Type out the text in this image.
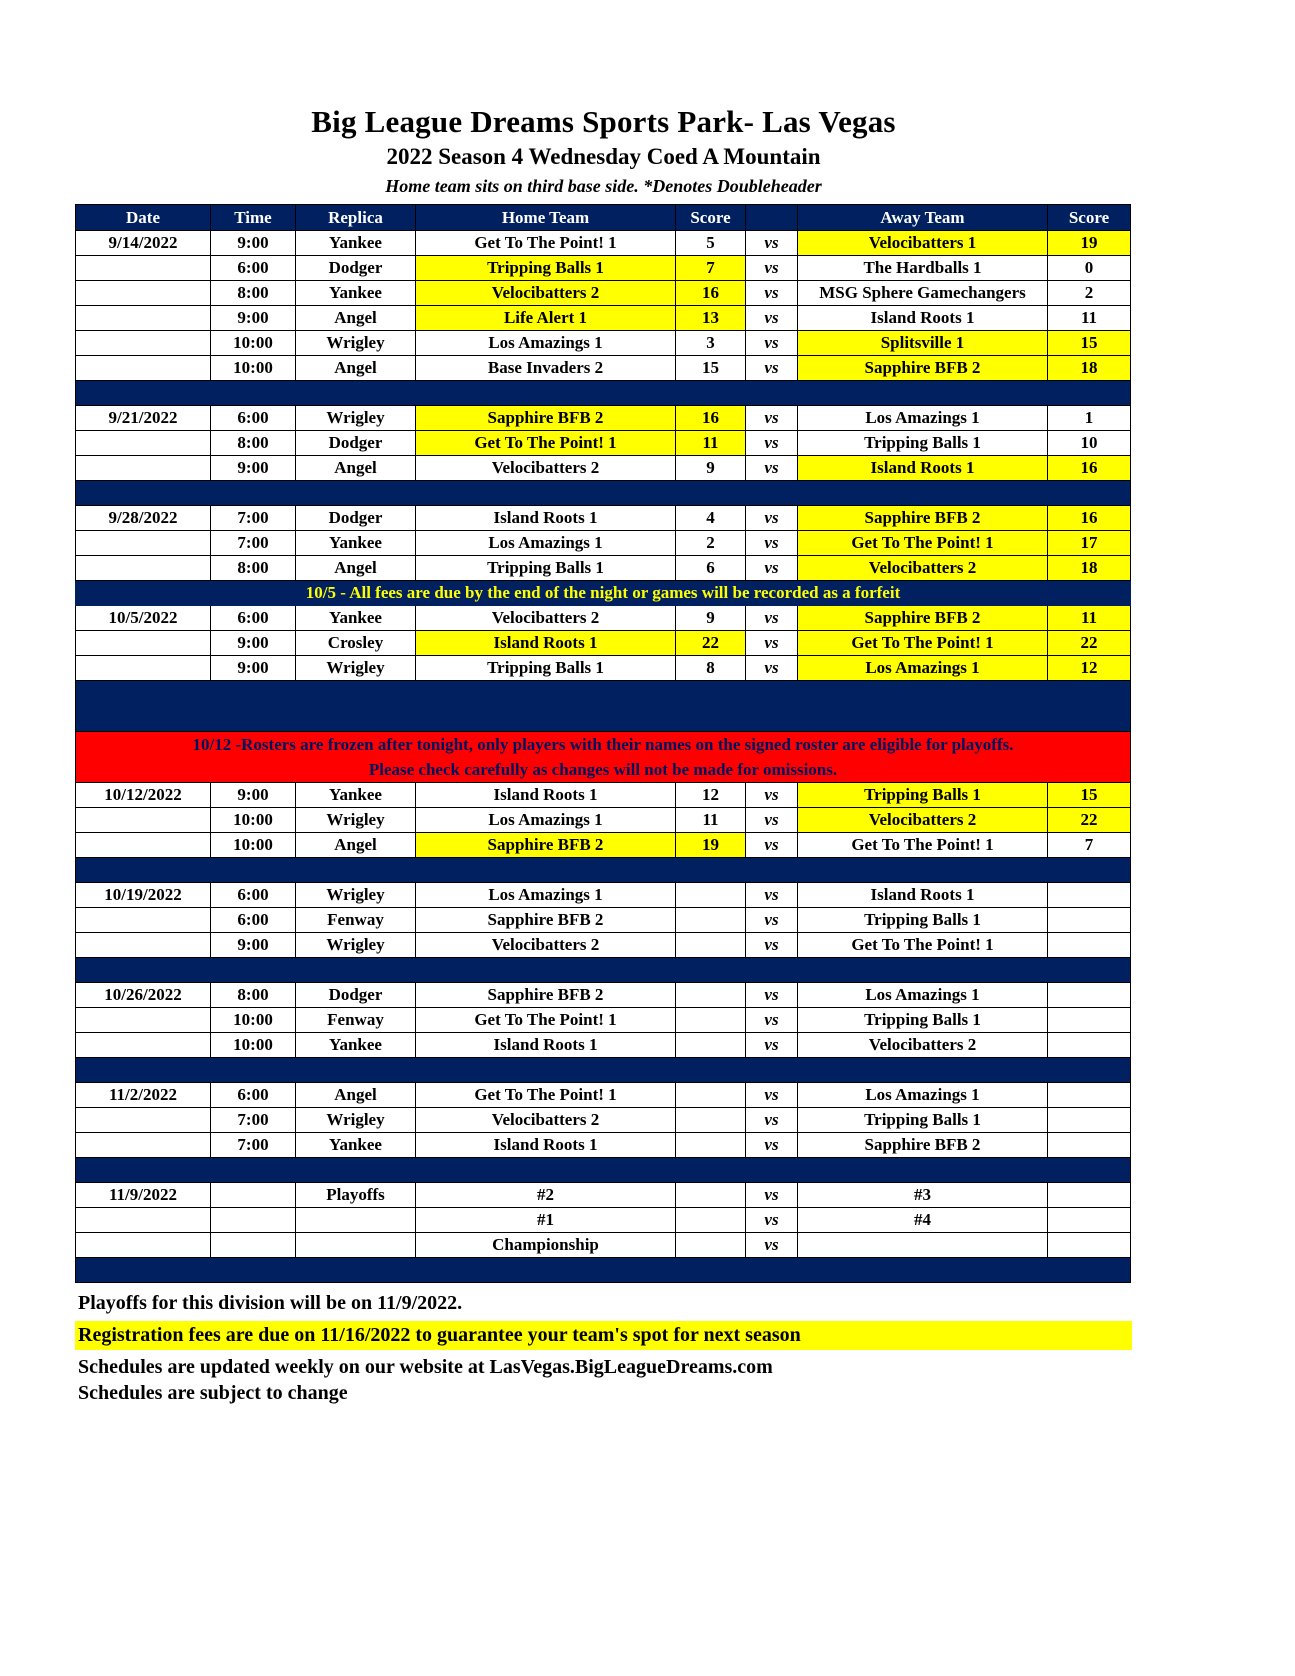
Big League Dreams Sports Park- Las Vegas
2022 Season 4 Wednesday Coed A Mountain
Home team sits on third base side. *Denotes Doubleheader
Date	Time	Replica	Home Team	Score		Away Team	Score
9/14/2022	9:00	Yankee	Get To The Point! 1	5	vs	Velocibatters 1	19
	6:00	Dodger	Tripping Balls 1	7	vs	The Hardballs 1	0
	8:00	Yankee	Velocibatters 2	16	vs	MSG Sphere Gamechangers	2
	9:00	Angel	Life Alert 1	13	vs	Island Roots 1	11
	10:00	Wrigley	Los Amazings 1	3	vs	Splitsville 1	15
	10:00	Angel	Base Invaders 2	15	vs	Sapphire BFB 2	18

9/21/2022	6:00	Wrigley	Sapphire BFB 2	16	vs	Los Amazings 1	1
	8:00	Dodger	Get To The Point! 1	11	vs	Tripping Balls 1	10
	9:00	Angel	Velocibatters 2	9	vs	Island Roots 1	16

9/28/2022	7:00	Dodger	Island Roots 1	4	vs	Sapphire BFB 2	16
	7:00	Yankee	Los Amazings 1	2	vs	Get To The Point! 1	17
	8:00	Angel	Tripping Balls 1	6	vs	Velocibatters 2	18

10/5 - All fees are due by the end of the night or games will be recorded as a forfeit							

10/5/2022	6:00	Yankee	Velocibatters 2	9	vs	Sapphire BFB 2	11
	9:00	Crosley	Island Roots 1	22	vs	Get To The Point! 1	22
	9:00	Wrigley	Tripping Balls 1	8	vs	Los Amazings 1	12

10/12 -Rosters are frozen after tonight, only players with their names on the signed roster are eligible for playoffs.
Please check carefully as changes will not be made for omissions.							

10/12/2022	9:00	Yankee	Island Roots 1	12	vs	Tripping Balls 1	15
	10:00	Wrigley	Los Amazings 1	11	vs	Velocibatters 2	22
	10:00	Angel	Sapphire BFB 2	19	vs	Get To The Point! 1	7

10/19/2022	6:00	Wrigley	Los Amazings 1		vs	Island Roots 1	
	6:00	Fenway	Sapphire BFB 2		vs	Tripping Balls 1	
	9:00	Wrigley	Velocibatters 2		vs	Get To The Point! 1	

10/26/2022	8:00	Dodger	Sapphire BFB 2		vs	Los Amazings 1	
	10:00	Fenway	Get To The Point! 1		vs	Tripping Balls 1	
	10:00	Yankee	Island Roots 1		vs	Velocibatters 2	

11/2/2022	6:00	Angel	Get To The Point! 1		vs	Los Amazings 1	
	7:00	Wrigley	Velocibatters 2		vs	Tripping Balls 1	
	7:00	Yankee	Island Roots 1		vs	Sapphire BFB 2	

11/9/2022		Playoffs	#2		vs	#3	
			#1		vs	#4	
			Championship		vs		

Playoffs for this division will be on 11/9/2022.
Registration fees are due on 11/16/2022 to guarantee your team's spot for next season
Schedules are updated weekly on our website at LasVegas.BigLeagueDreams.com
Schedules are subject to change
